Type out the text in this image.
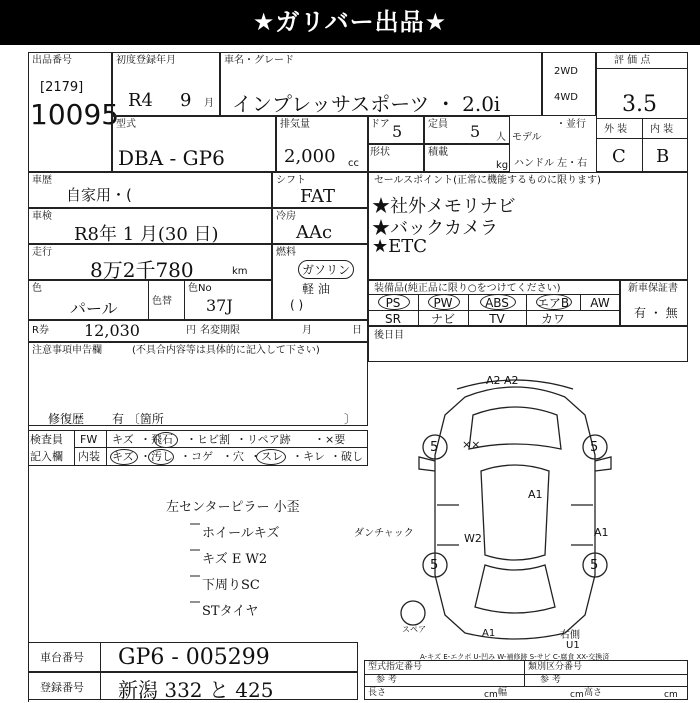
★ガリバー出品★
出品番号
[2179]
10095
初度登録年月
R4 9 月
車名・グレード
インプレッサスポーツ ・ 2.0i
2WD
4WD
評 価 点
3.5
外 装 内 装
C B
型式
DBA - GP6
排気量
2,000 cc
ドア 5	定員 5 人 モデル
・並行
形状	積載
kg ハンドル 左・右
車歴
自家用・(
シフト
FAT
車検
R8年 1 月(30 日)
冷房
AAc
走行
8万2千780	km
燃料
ガソリン
軽 油
( )
色
パール	色替
色No
37J
R券 12,030	円 名変期限	月	日
セールスポイント(正常に機能するものに限ります)
★社外メモリナビ
★バックカメラ
★ETC
装備品(純正品に限り○をつけてください)
PS	PW	ABS	エアB	AW
SR	ナビ	TV	カワ
新車保証書
有 ・ 無
後日目
注意事項申告欄	(不具合内容等は具体的に記入して下さい)
修復歴 有 〔箇所	〕
検査員
記入欄
FW キズ ・飛石 ・ヒビ割 ・リペア跡 ・×要
内装 キズ ・汚し ・コゲ ・穴 ・スレ ・キレ ・破し
左センターピラー 小歪
ホイールキズ
キズ E W2
下周りSC
STタイヤ
A2 A2
5	5
5	5
××
A1
W2	A1
ダンチャック
A1
U1
スペア
右側
A-キズ E-エクボ U-凹み W-補修跡 S-サビ C-腐食 XX-交換済
車台番号 GP6 - 005299
登録番号 新潟 332 と 425
型式指定番号	類別区分番号
参 考	参 考
長さ	cm 幅	cm 高さ	cm
